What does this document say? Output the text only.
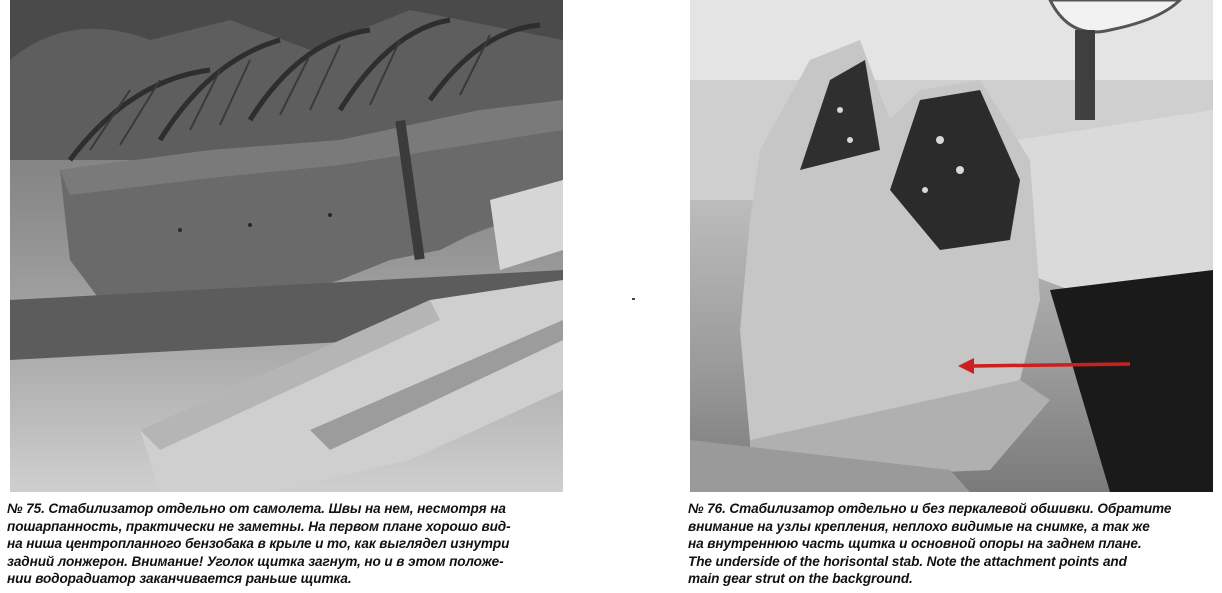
№ 75. Стабилизатор отдельно от самолета. Швы на нем, несмотря на
пошарпанность, практически не заметны. На первом плане хорошо вид-
на ниша центропланного бензобака в крыле и то, как выглядел изнутри
задний лонжерон. Внимание! Уголок щитка загнут, но и в этом положе-
нии водорадиатор заканчивается раньше щитка.
№ 76. Стабилизатор отдельно и без перкалевой обшивки. Обратите
внимание на узлы крепления, неплохо видимые на снимке, а так же
на внутреннюю часть щитка и основной опоры на заднем плане.
The underside of the horisontal stab. Note the attachment points and
main gear strut on the background.
